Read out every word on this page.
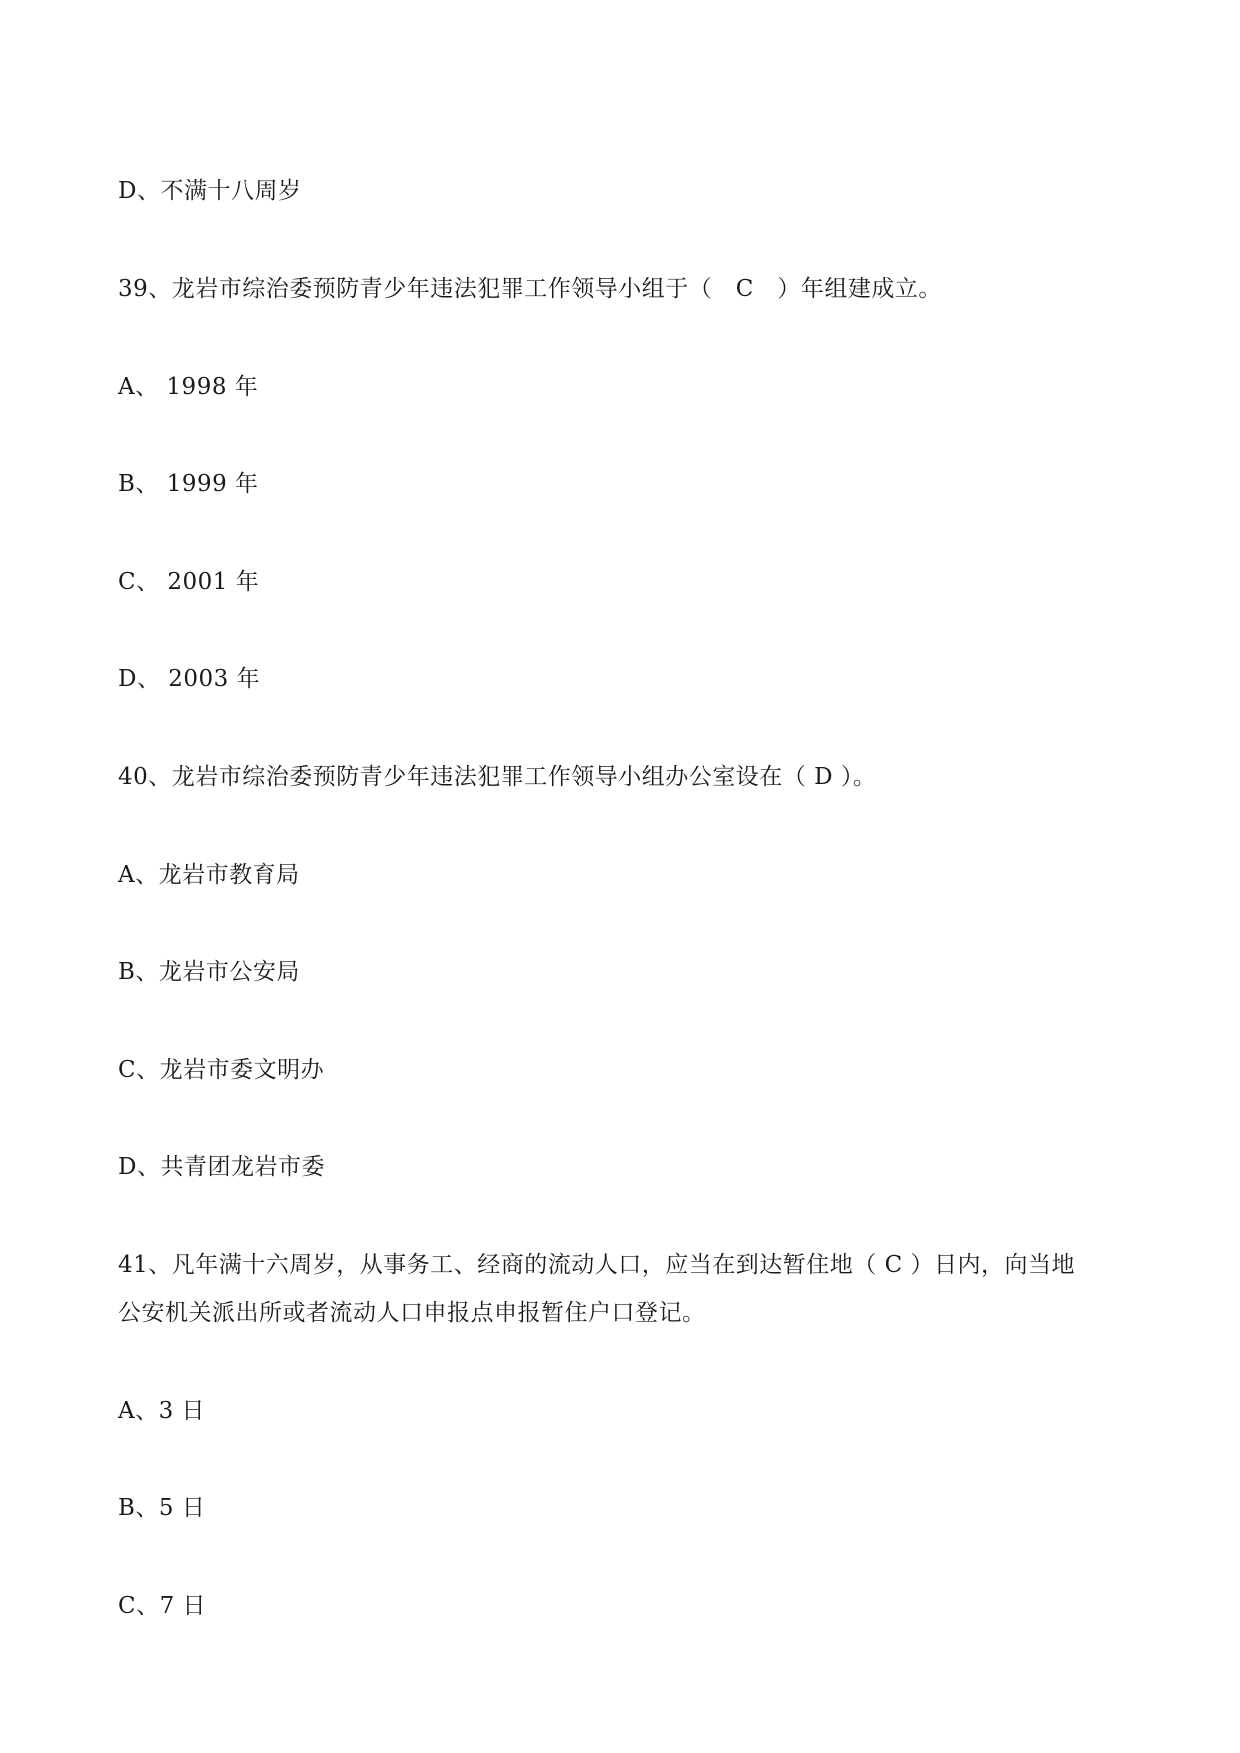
D、不满十八周岁
39、龙岩市综治委预防青少年违法犯罪工作领导小组于（　C　）年组建成立。
A、 1998 年
B、 1999 年
C、 2001 年
D、 2003 年
40、龙岩市综治委预防青少年违法犯罪工作领导小组办公室设在（ D ）。
A、龙岩市教育局
B、龙岩市公安局
C、龙岩市委文明办
D、共青团龙岩市委
41、凡年满十六周岁，从事务工、经商的流动人口，应当在到达暂住地（ C ）日内，向当地
公安机关派出所或者流动人口申报点申报暂住户口登记。
A、3 日
B、5 日
C、7 日
